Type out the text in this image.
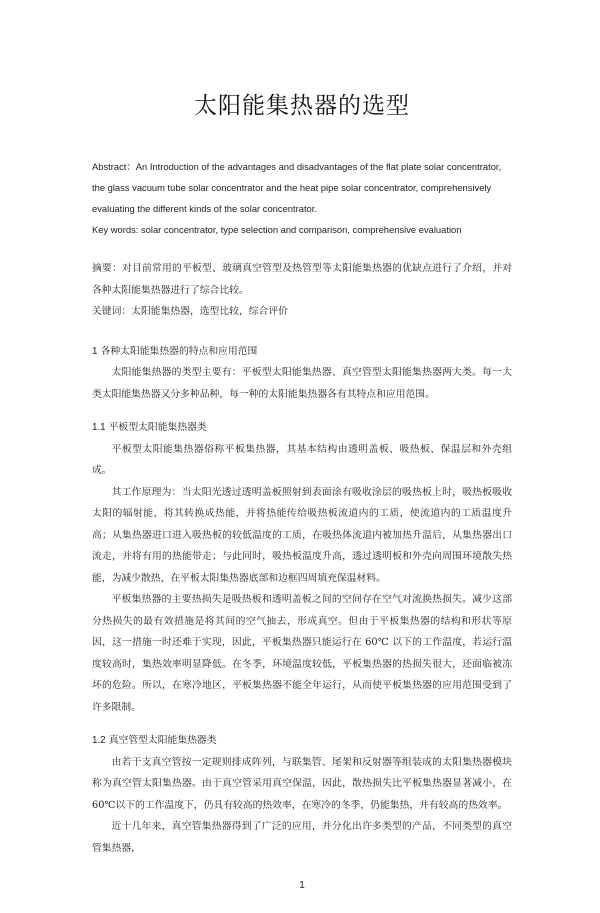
太阳能集热器的选型

Abstract：An Introduction of the advantages and disadvantages of the flat plate solar concentrator, the glass vacuum tube solar concentrator and the heat pipe solar concentrator, comprehensively evaluating the different kinds of the solar concentrator.

Key words: solar concentrator, type selection and comparison, comprehensive evaluation

摘要：对目前常用的平板型、玻璃真空管型及热管型等太阳能集热器的优缺点进行了介绍，并对各种太阳能集热器进行了综合比较。

关键词：太阳能集热器，选型比较，综合评价

1 各种太阳能集热器的特点和应用范围

太阳能集热器的类型主要有：平板型太阳能集热器、真空管型太阳能集热器两大类。每一大类太阳能集热器又分多种品种，每一种的太阳能集热器各有其特点和应用范围。

1.1 平板型太阳能集热器类

平板型太阳能集热器俗称平板集热器，其基本结构由透明盖板、吸热板、保温层和外壳组成。

其工作原理为：当太阳光透过透明盖板照射到表面涂有吸收涂层的吸热板上时，吸热板吸收太阳的辐射能，将其转换成热能，并将热能传给吸热板流道内的工质，使流道内的工质温度升高；从集热器进口进入吸热板的较低温度的工质，在吸热体流道内被加热升温后，从集热器出口流走，并将有用的热能带走；与此同时，吸热板温度升高，透过透明板和外壳向周围环境散失热能，为减少散热，在平板太阳集热器底部和边框四周填充保温材料。

平板集热器的主要热损失是吸热板和透明盖板之间的空间存在空气对流换热损失。减少这部分热损失的最有效措施是将其间的空气抽去，形成真空。但由于平板集热器的结构和形状等原因，这一措施一时还难于实现，因此，平板集热器只能运行在 60℃ 以下的工作温度，若运行温度较高时，集热效率明显降低。在冬季，环境温度较低，平板集热器的热损失很大，还面临被冻坏的危险。所以，在寒冷地区，平板集热器不能全年运行，从而使平板集热器的应用范围受到了许多限制。

1.2 真空管型太阳能集热器类

由若干支真空管按一定规则排成阵列，与联集管、尾架和反射器等组装成的太阳集热器模块称为真空管太阳集热器。由于真空管采用真空保温，因此，散热损失比平板集热器显著减小，在 60℃以下的工作温度下，仍具有较高的热效率，在寒冷的冬季，仍能集热，并有较高的热效率。

近十几年来，真空管集热器得到了广泛的应用，并分化出许多类型的产品，不同类型的真空管集热器，

1
